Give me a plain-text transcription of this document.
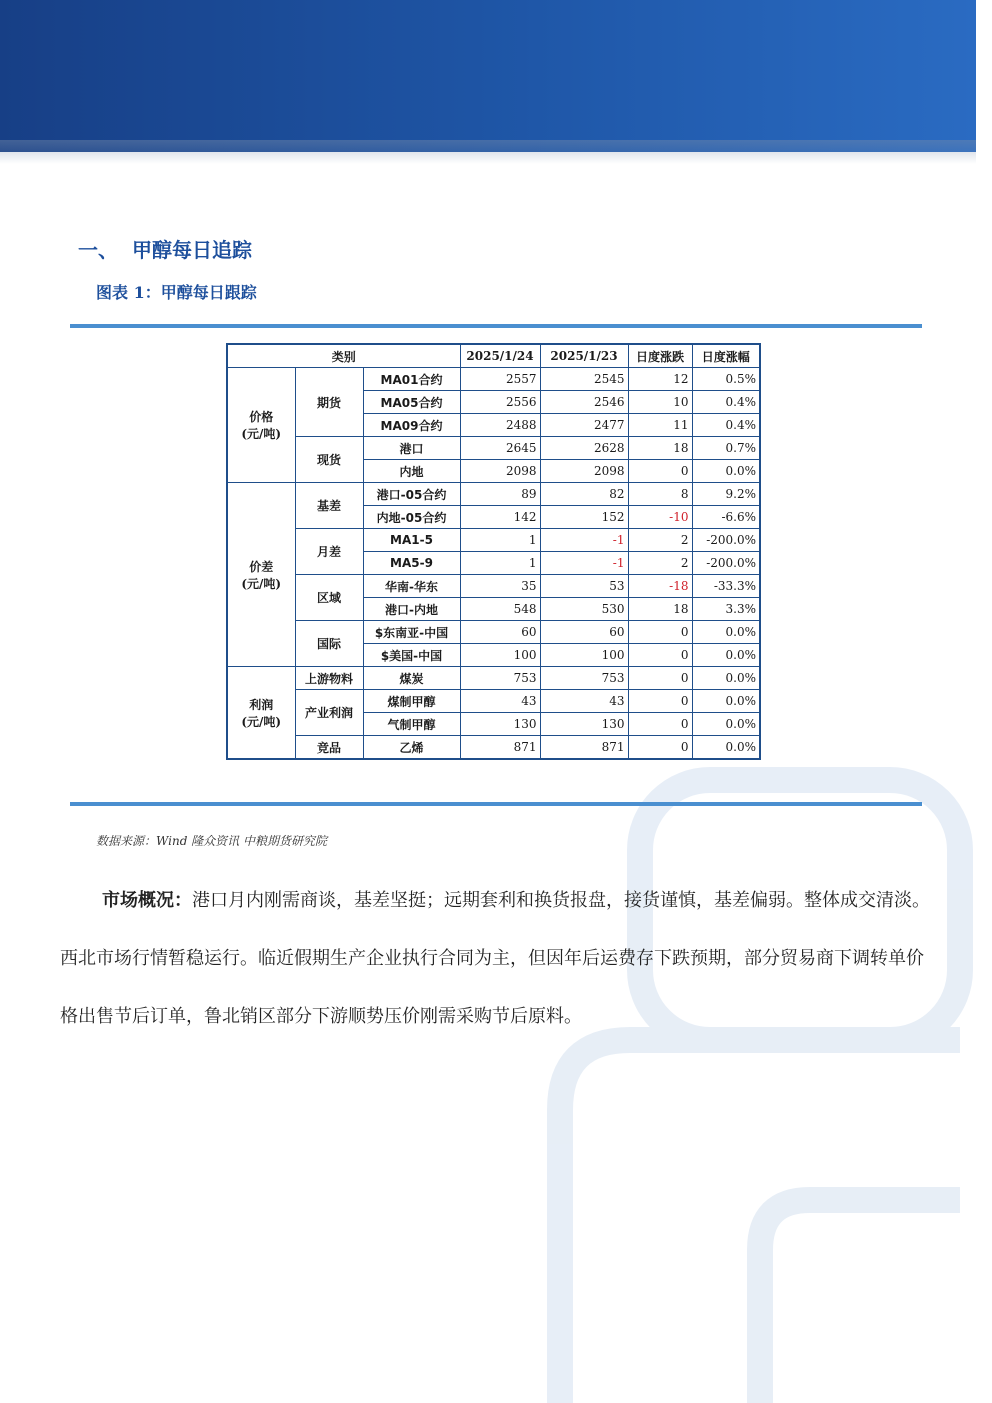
一、 甲醇每日追踪
图表 1：甲醇每日跟踪
类别			2025/1/24	2025/1/23	日度涨跌	日度涨幅
价格
(元/吨)	期货	MA01合约	2557	2545	12	0.5%
		MA05合约	2556	2546	10	0.4%
		MA09合约	2488	2477	11	0.4%
	现货	港口	2645	2628	18	0.7%
		内地	2098	2098	0	0.0%
价差
(元/吨)	基差	港口-05合约	89	82	8	9.2%
		内地-05合约	142	152	-10	-6.6%
	月差	MA1-5	1	-1	2	-200.0%
		MA5-9	1	-1	2	-200.0%
	区域	华南-华东	35	53	-18	-33.3%
		港口-内地	548	530	18	3.3%
	国际	$东南亚-中国	60	60	0	0.0%
		$美国-中国	100	100	0	0.0%
利润
(元/吨)	上游物料	煤炭	753	753	0	0.0%
	产业利润	煤制甲醇	43	43	0	0.0%
		气制甲醇	130	130	0	0.0%
	竞品	乙烯	871	871	0	0.0%
数据来源：Wind 隆众资讯 中粮期货研究院
市场概况：港口月内刚需商谈，基差坚挺；远期套利和换货报盘，接货谨慎，基差偏弱。整体成交清淡。西北市场行情暂稳运行。临近假期生产企业执行合同为主，但因年后运费存下跌预期，部分贸易商下调转单价格出售节后订单，鲁北销区部分下游顺势压价刚需采购节后原料。
